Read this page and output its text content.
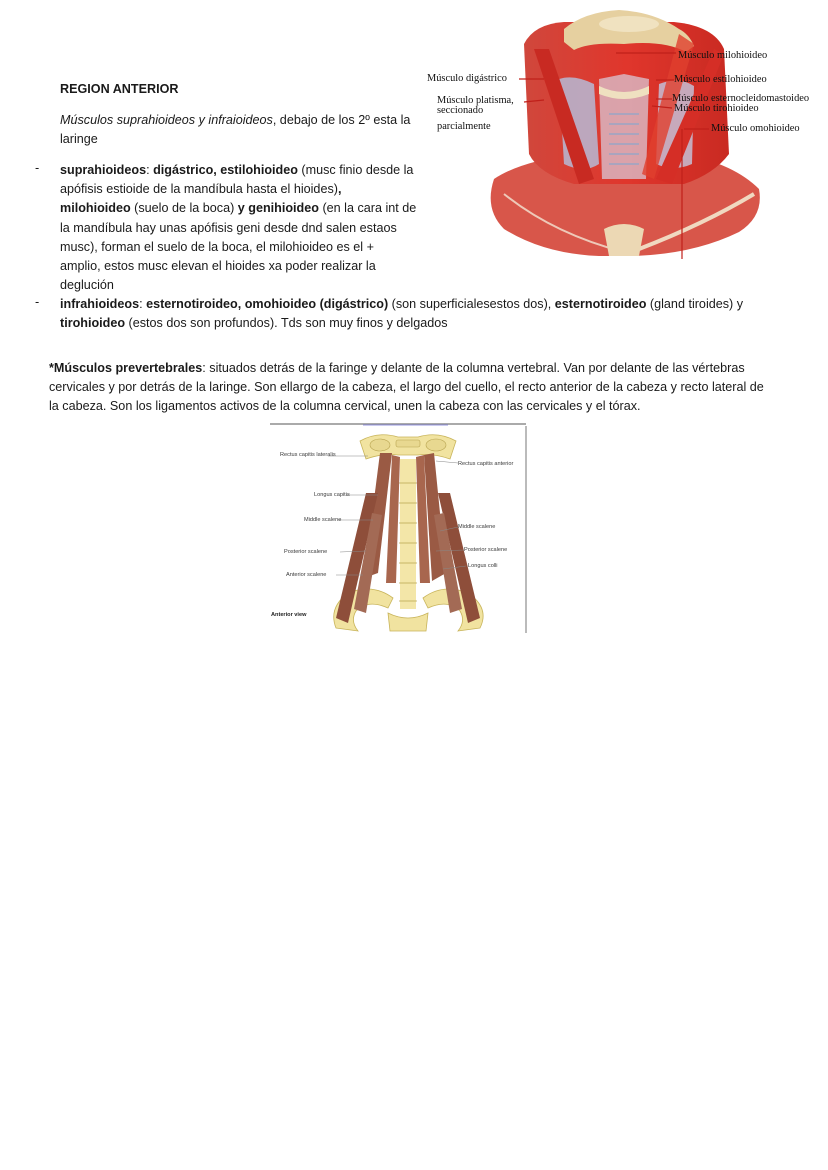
REGION ANTERIOR
Músculos suprahioideos y infraioideos, debajo de los 2º esta la
laringe
- suprahioideos: digástrico, estilohioideo (musc finio desde la
apófisis estioide de la mandíbula hasta el hioides),
milohioideo (suelo de la boca) y genihioideo (en la cara int de
la mandíbula hay unas apófisis geni desde dnd salen estaos
musc), forman el suelo de la boca, el milohioideo es el +
amplio, estos musc elevan el hioides xa poder realizar la
deglución
- infrahioideos: esternotiroideo, omohioideo (digástrico) (son superficialesestos dos), esternotiroideo (gland tiroides) y
tirohioideo (estos dos son profundos). Tds son muy finos y delgados
*Músculos prevertebrales: situados detrás de la faringe y delante de la columna vertebral. Van por delante de las vértebras
cervicales y por detrás de la laringe. Son ellargo de la cabeza, el largo del cuello, el recto anterior de la cabeza y recto lateral de
la cabeza. Son los ligamentos activos de la columna cervical, unen la cabeza con las cervicales y el tórax.
Músculo milohioideo
Músculo digástrico	Músculo estilohioideo
Músculo platisma,
seccionado
parcialmente
Músculo esternocleidomastoideo
Músculo tirohioideo
Músculo omohioideo
Rectus capitis lateralis
Rectus capitis anterior
Longus capitis
Middle scalene
Middle scalene
Posterior scalene	Posterior scalene
Anterior scalene
Longus colli
Anterior view
